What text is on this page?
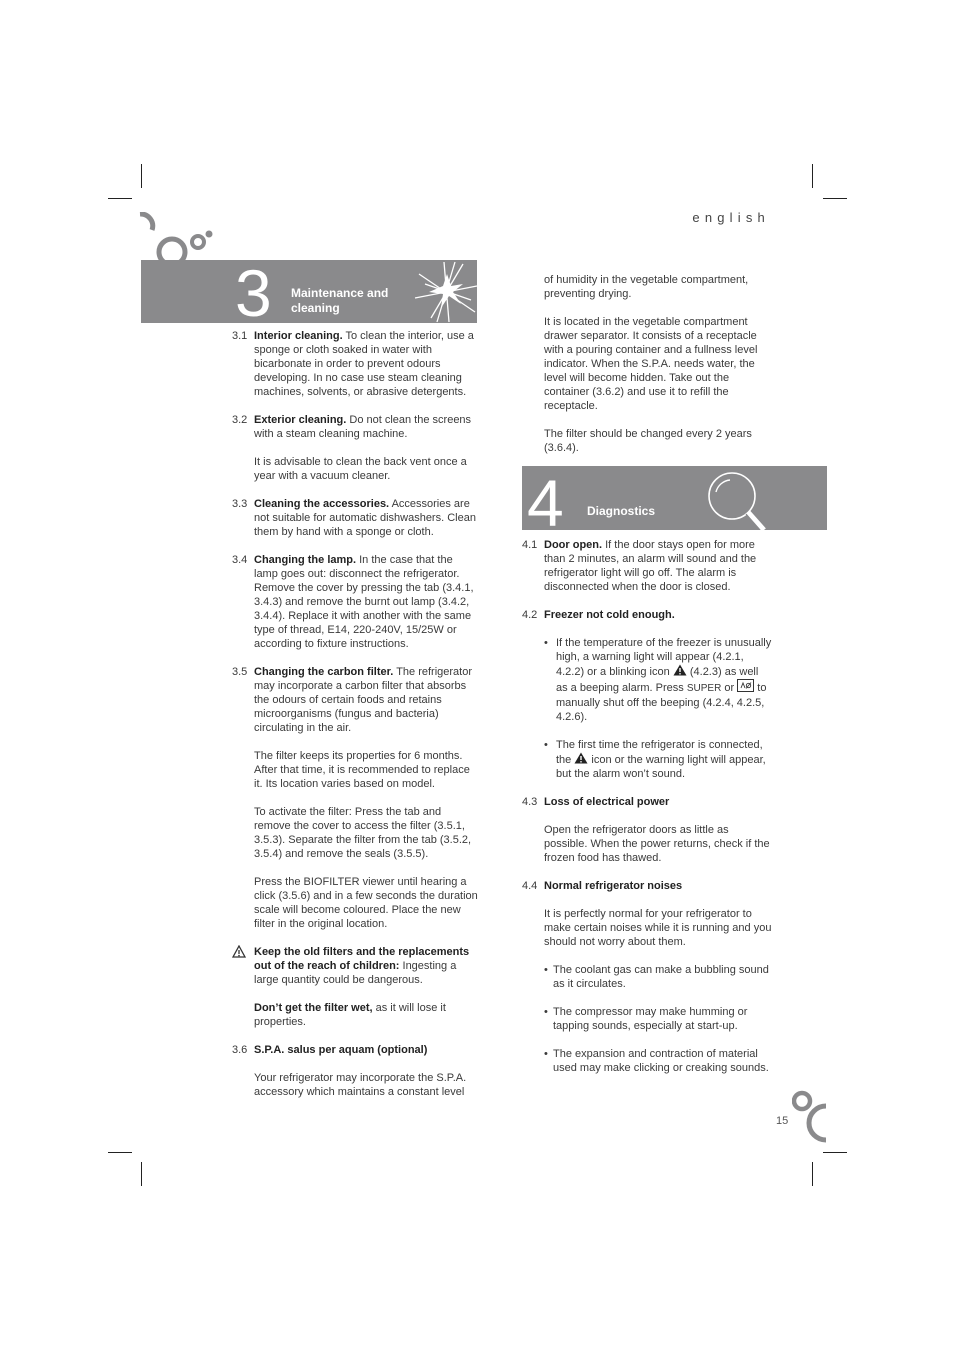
english
3 Maintenance and
cleaning
3.1 Interior cleaning. To clean the interior, use a sponge or cloth soaked in water with bicarbonate in order to prevent odours developing. In no case use steam cleaning machines, solvents, or abrasive detergents.

3.2 Exterior cleaning. Do not clean the screens with a steam cleaning machine.

It is advisable to clean the back vent once a year with a vacuum cleaner.

3.3 Cleaning the accessories. Accessories are not suitable for automatic dishwashers. Clean them by hand with a sponge or cloth.

3.4 Changing the lamp. In the case that the lamp goes out: disconnect the refrigerator. Remove the cover by pressing the tab (3.4.1, 3.4.3) and remove the burnt out lamp (3.4.2, 3.4.4). Replace it with another with the same type of thread, E14, 220-240V, 15/25W or according to fixture instructions.

3.5 Changing the carbon filter. The refrigerator may incorporate a carbon filter that absorbs the odours of certain foods and retains microorganisms (fungus and bacteria) circulating in the air.

The filter keeps its properties for 6 months. After that time, it is recommended to replace it. Its location varies based on model.

To activate the filter: Press the tab and remove the cover to access the filter (3.5.1, 3.5.3). Separate the filter from the tab (3.5.2, 3.5.4) and remove the seals (3.5.5).

Press the BIOFILTER viewer until hearing a click (3.5.6) and in a few seconds the duration scale will become coloured. Place the new filter in the original location.

Keep the old filters and the replacements out of the reach of children: Ingesting a large quantity could be dangerous.

Don’t get the filter wet, as it will lose it properties.

3.6 S.P.A. salus per aquam (optional)

Your refrigerator may incorporate the S.P.A. accessory which maintains a constant level

of humidity in the vegetable compartment, preventing drying.

It is located in the vegetable compartment drawer separator. It consists of a receptacle with a pouring container and a fullness level indicator. When the S.P.A. needs water, the level will become hidden. Take out the container (3.6.2) and use it to refill the receptacle.

The filter should be changed every 2 years (3.6.4).

4 Diagnostics
4.1 Door open. If the door stays open for more than 2 minutes, an alarm will sound and the refrigerator light will go off. The alarm is disconnected when the door is closed.

4.2 Freezer not cold enough.

• If the temperature of the freezer is unusually high, a warning light will appear (4.2.1, 4.2.2) or a blinking icon  (4.2.3) as well as a beeping alarm. Press SUPER or  to manually shut off the beeping (4.2.4, 4.2.5, 4.2.6).
• The first time the refrigerator is connected, the  icon or the warning light will appear, but the alarm won’t sound.
4.3 Loss of electrical power

Open the refrigerator doors as little as possible. When the power returns, check if the frozen food has thawed.

4.4 Normal refrigerator noises

It is perfectly normal for your refrigerator to make certain noises while it is running and you should not worry about them.

• The coolant gas can make a bubbling sound as it circulates.
• The compressor may make humming or tapping sounds, especially at start-up.
• The expansion and contraction of material used may make clicking or creaking sounds.
15
